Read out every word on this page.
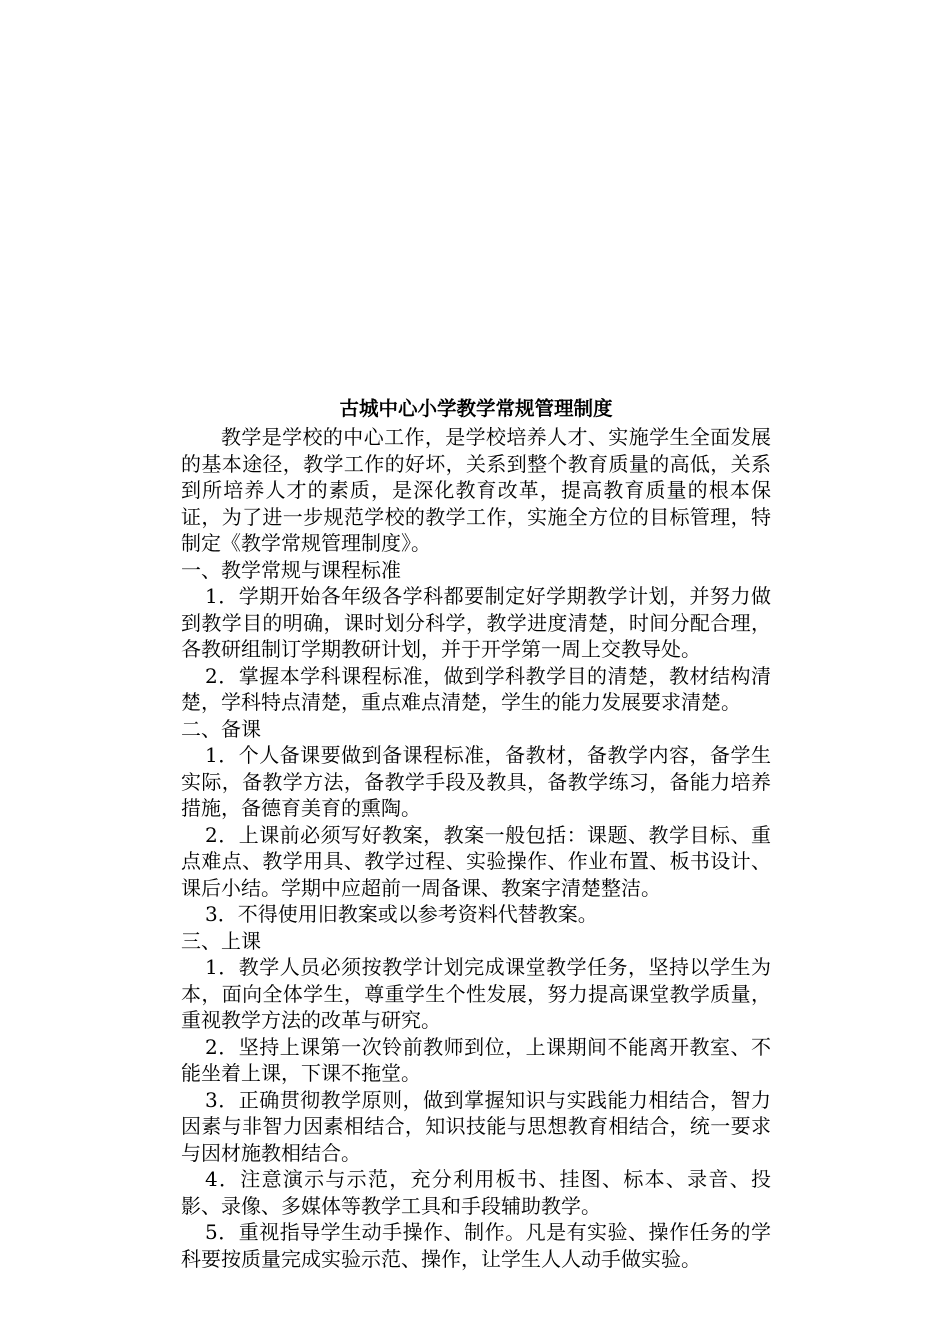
古城中心小学教学常规管理制度

教学是学校的中心工作，是学校培养人才、实施学生全面发展的基本途径，教学工作的好坏，关系到整个教育质量的高低，关系到所培养人才的素质，是深化教育改革，提高教育质量的根本保证，为了进一步规范学校的教学工作，实施全方位的目标管理，特制定《教学常规管理制度》。

一、教学常规与课程标准

1．学期开始各年级各学科都要制定好学期教学计划，并努力做到教学目的明确，课时划分科学，教学进度清楚，时间分配合理，各教研组制订学期教研计划，并于开学第一周上交教导处。

2．掌握本学科课程标准，做到学科教学目的清楚，教材结构清楚，学科特点清楚，重点难点清楚，学生的能力发展要求清楚。

二、备课

1．个人备课要做到备课程标准，备教材，备教学内容，备学生实际，备教学方法，备教学手段及教具，备教学练习，备能力培养措施，备德育美育的熏陶。

2．上课前必须写好教案，教案一般包括：课题、教学目标、重点难点、教学用具、教学过程、实验操作、作业布置、板书设计、课后小结。学期中应超前一周备课、教案字清楚整洁。

3．不得使用旧教案或以参考资料代替教案。

三、上课

1．教学人员必须按教学计划完成课堂教学任务，坚持以学生为本，面向全体学生，尊重学生个性发展，努力提高课堂教学质量，重视教学方法的改革与研究。

2．坚持上课第一次铃前教师到位，上课期间不能离开教室、不能坐着上课，下课不拖堂。

3．正确贯彻教学原则，做到掌握知识与实践能力相结合，智力因素与非智力因素相结合，知识技能与思想教育相结合，统一要求与因材施教相结合。

4．注意演示与示范，充分利用板书、挂图、标本、录音、投影、录像、多媒体等教学工具和手段辅助教学。

5．重视指导学生动手操作、制作。凡是有实验、操作任务的学科要按质量完成实验示范、操作，让学生人人动手做实验。
